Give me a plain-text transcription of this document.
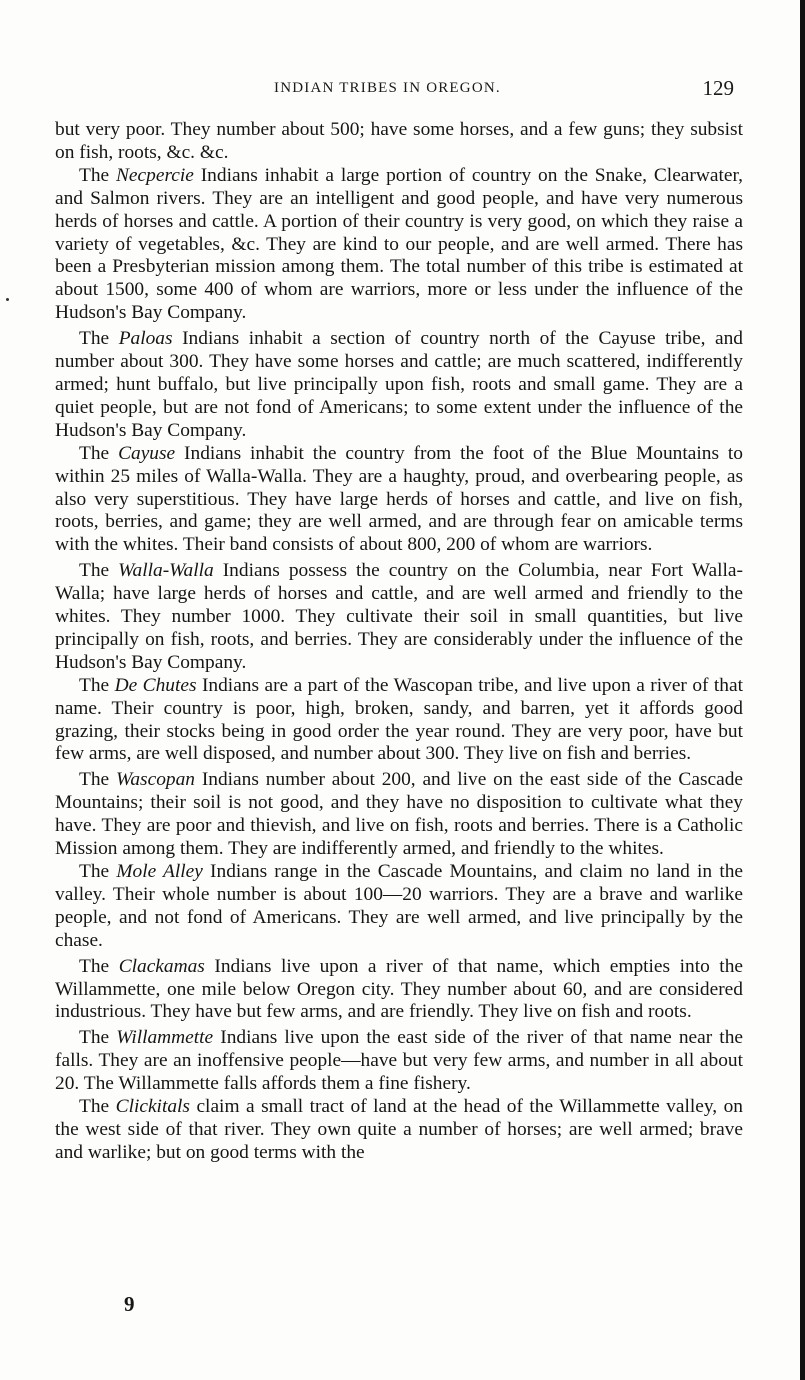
INDIAN TRIBES IN OREGON.	129

but very poor. They number about 500; have some horses, and a few guns; they subsist on fish, roots, &c. &c.

The Necpercie Indians inhabit a large portion of country on the Snake, Clearwater, and Salmon rivers. They are an intelligent and good people, and have very numerous herds of horses and cattle. A portion of their country is very good, on which they raise a variety of vegetables, &c. They are kind to our people, and are well armed. There has been a Presbyterian mission among them. The total number of this tribe is estimated at about 1500, some 400 of whom are warriors, more or less under the influence of the Hudson's Bay Company.

The Paloas Indians inhabit a section of country north of the Cayuse tribe, and number about 300. They have some horses and cattle; are much scattered, indifferently armed; hunt buffalo, but live principally upon fish, roots and small game. They are a quiet people, but are not fond of Americans; to some extent under the influence of the Hudson's Bay Company.

The Cayuse Indians inhabit the country from the foot of the Blue Mountains to within 25 miles of Walla-Walla. They are a haughty, proud, and overbearing people, as also very superstitious. They have large herds of horses and cattle, and live on fish, roots, berries, and game; they are well armed, and are through fear on amicable terms with the whites. Their band consists of about 800, 200 of whom are warriors.

The Walla-Walla Indians possess the country on the Columbia, near Fort Walla-Walla; have large herds of horses and cattle, and are well armed and friendly to the whites. They number 1000. They cultivate their soil in small quantities, but live principally on fish, roots, and berries. They are considerably under the influence of the Hudson's Bay Company.

The De Chutes Indians are a part of the Wascopan tribe, and live upon a river of that name. Their country is poor, high, broken, sandy, and barren, yet it affords good grazing, their stocks being in good order the year round. They are very poor, have but few arms, are well disposed, and number about 300. They live on fish and berries.

The Wascopan Indians number about 200, and live on the east side of the Cascade Mountains; their soil is not good, and they have no disposition to cultivate what they have. They are poor and thievish, and live on fish, roots and berries. There is a Catholic Mission among them. They are indifferently armed, and friendly to the whites.

The Mole Alley Indians range in the Cascade Mountains, and claim no land in the valley. Their whole number is about 100—20 warriors. They are a brave and warlike people, and not fond of Americans. They are well armed, and live principally by the chase.

The Clackamas Indians live upon a river of that name, which empties into the Willammette, one mile below Oregon city. They number about 60, and are considered industrious. They have but few arms, and are friendly. They live on fish and roots.

The Willammette Indians live upon the east side of the river of that name near the falls. They are an inoffensive people—have but very few arms, and number in all about 20. The Willammette falls affords them a fine fishery.

The Clickitals claim a small tract of land at the head of the Willammette valley, on the west side of that river. They own quite a number of horses; are well armed; brave and warlike; but on good terms with the

9
